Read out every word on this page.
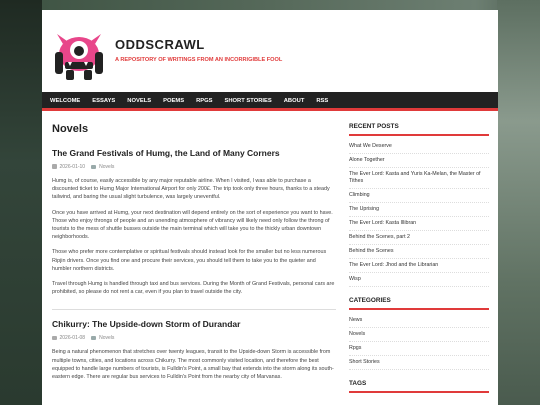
ODDSCRAWL
A REPOSITORY OF WRITINGS FROM AN INCORRIGIBLE FOOL
WELCOME	ESSAYS	NOVELS	POEMS	RPGS	SHORT STORIES	ABOUT	RSS
Novels
The Grand Festivals of Humg, the Land of Many Corners
2026-01-10	Novels

Humg is, of course, easily accessible by any major reputable airline. When I visited, I was able to purchase a discounted ticket to Humg Major International Airport for only 200£. The trip took only three hours, thanks to a steady tailwind, and baring the usual slight turbulence, was largely uneventful.

Once you have arrived at Humg, your next destination will depend entirely on the sort of experience you want to have. Those who enjoy throngs of people and an unending atmosphere of vibrancy will likely need only follow the throng of tourists to the mess of shuttle busses outside the main terminal which will take you to the thickly urban downtown neighborhoods.

Those who prefer more contemplative or spiritual festivals should instead look for the smaller but no less numerous Ripjin drivers. Once you find one and procure their services, you should tell them to take you to the quieter and humbler northern districts.

Travel through Humg is handled through taxi and bus services. During the Month of Grand Festivals, personal cars are prohibited, so please do not rent a car, even if you plan to travel outside the city.

Chikurry: The Upside-down Storm of Durandar
2026-01-08	Novels

Being a natural phenomenon that stretches over twenty leagues, transit to the Upside-down Storm is accessible from multiple towns, cities, and locations across Chikurry. The most commonly visited location, and therefore the best equipped to handle large numbers of tourists, is Fulldin's Point, a small bay that extends into the storm along its south-eastern edge. There are regular bus services to Fulldin's Point from the nearby city of Marvanas.

RECENT POSTS
What We Deserve
Alone Together
The Ever Lord: Kasta and Yuris Ka-Melan, the Master of Tithes
Climbing
The Uprising
The Ever Lord: Kasta Illibran
Behind the Scenes, part 2
Behind the Scenes
The Ever Lord: Jhod and the Librarian
Wisp
CATEGORIES
News
Novels
Rpgs
Short Stories
TAGS
